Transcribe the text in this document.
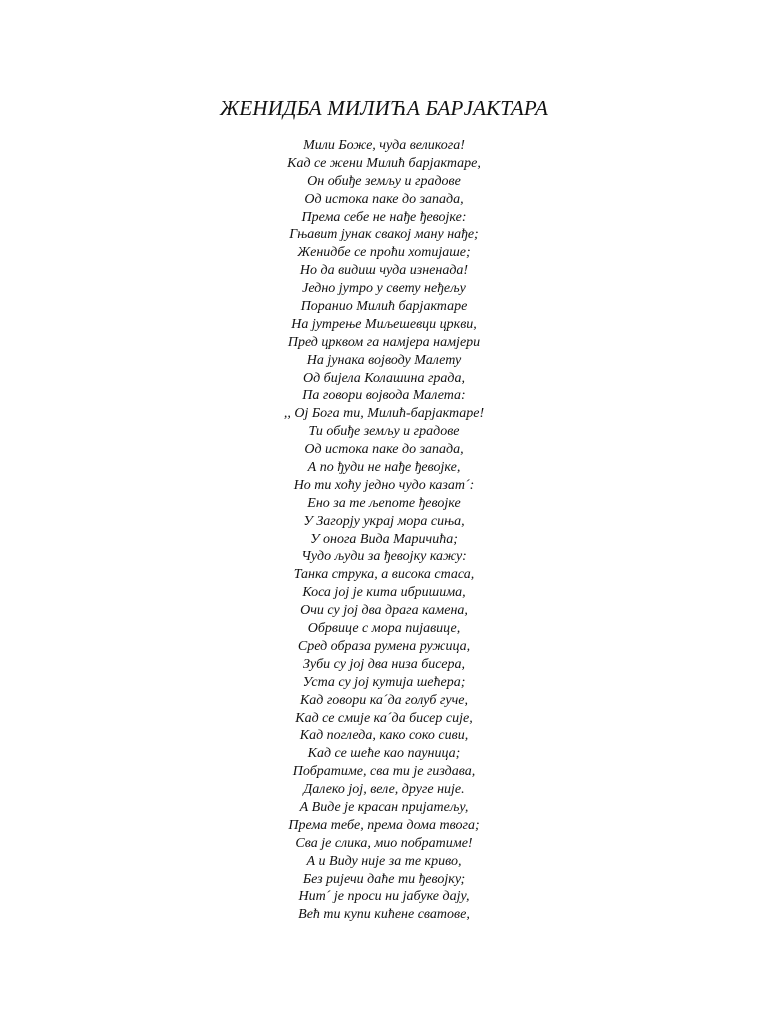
ЖЕНИДБА МИЛИЋА БАРЈАКТАРА
Мили Боже, чуда великога!
Кад се жени Милић барјактаре,
Он обиђе земљу и градове
Од истока паке до запада,
Према себе не нађе ђевојке:
Гњавит јунак свакој ману нађе;
Женидбе се проћи хотијаше;
Но да видиш чуда изненада!
Једно јутро у свету неђељу
Поранио Милић барјактаре
На јутрење Миљешевци цркви,
Пред црквом га намјера намјери
На јунака војводу Малету
Од бијела Колашина града,
Па говори војвода Малета:
,, Ој Бога ти, Милић-барјактаре!
Ти обиђе земљу и градове
Од истока паке до запада,
А по ђуди не нађе ђевојке,
Но ти хоћу једно чудо казат´:
Ено за те љепоте ђевојке
У Загорју украј мора сиња,
У онога Вида Маричића;
Чудо људи за ђевојку кажу:
Танка струка, а висока стаса,
Коса јој је кита ибришима,
Очи су јој два драга камена,
Обрвице с мора пијавице,
Сред образа румена ружица,
Зуби су јој два низа бисера,
Уста су јој кутија шећера;
Кад говори ка´да голуб гуче,
Кад се смије ка´да бисер сије,
Кад погледа, како соко сиви,
Кад се шеће као пауница;
Побратиме, сва ти је гиздава,
Далеко јој, веле, друге није.
А Виде је красан пријатељу,
Према тебе, према дома твога;
Сва је слика, мио побратиме!
А и Виду није за те криво,
Без ријечи даће ти ђевојку;
Нит´ је проси ни јабуке дају,
Већ ти купи кићене сватове,
